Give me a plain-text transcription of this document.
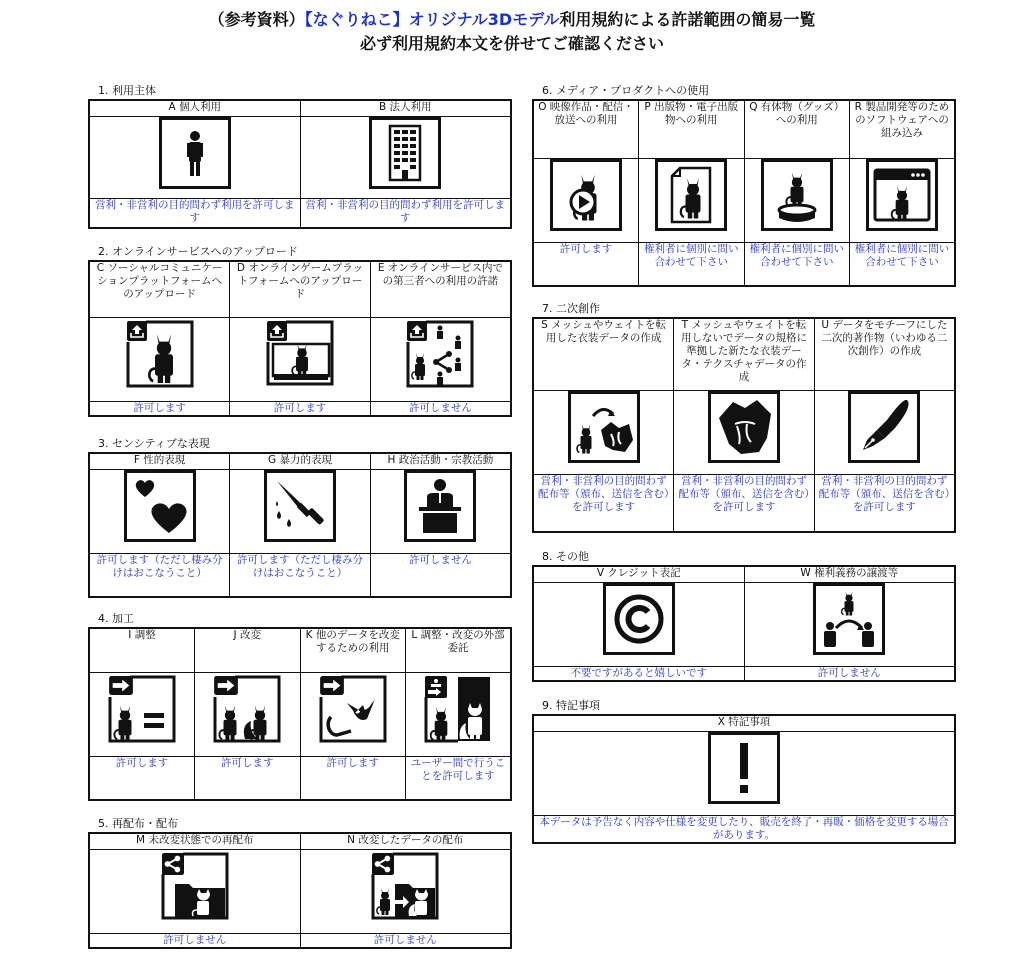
（参考資料）【なぐりねこ】オリジナル3Dモデル利用規約による許諾範囲の簡易一覧
必ず利用規約本文を併せてご確認ください
1. 利用主体
A 個人利用	B 法人利用

営利・非営利の目的問わず利用を許可します	営利・非営利の目的問わず利用を許可します
2. オンラインサービスへのアップロード
C ソーシャルコミュニケーションプラットフォームへのアップロード	D オンラインゲームプラットフォームへのアップロード	E オンラインサービス内での第三者への利用の許諾

許可します	許可します	許可しません
3. センシティブな表現
F 性的表現	G 暴力的表現	H 政治活動・宗教活動

許可します（ただし棲み分けはおこなうこと）	許可します（ただし棲み分けはおこなうこと）	許可しません
4. 加工
I 調整	J 改変	K 他のデータを改変するための利用	L 調整・改変の外部委託

許可します	許可します	許可します	ユーザー間で行うことを許可します
5. 再配布・配布
M 未改変状態での再配布	N 改変したデータの配布

許可しません	許可しません
6. メディア・プロダクトへの使用
O 映像作品・配信・放送への利用	P 出版物・電子出版物への利用	Q 有体物（グッズ）への利用	R 製品開発等のためのソフトウェアへの組み込み

許可します	権利者に個別に問い合わせて下さい	権利者に個別に問い合わせて下さい	権利者に個別に問い合わせて下さい
7. 二次創作
S メッシュやウェイトを転用した衣装データの作成	T メッシュやウェイトを転用しないでデータの規格に準拠した新たな衣装データ・テクスチャデータの作成	U データをモチーフにした二次的著作物（いわゆる二次創作）の作成

営利・非営利の目的問わず配布等（頒布、送信を含む）を許可します	営利・非営利の目的問わず配布等（頒布、送信を含む）を許可します	営利・非営利の目的問わず配布等（頒布、送信を含む）を許可します
8. その他
V クレジット表記	W 権利義務の譲渡等

不要ですがあると嬉しいです	許可しません
9. 特記事項
X 特記事項

本データは予告なく内容や仕様を変更したり、販売を終了・再販・価格を変更する場合があります。
